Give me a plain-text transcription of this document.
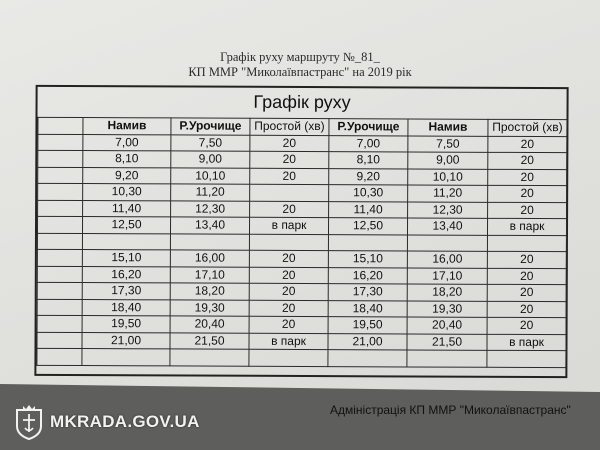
Графік руху маршруту №_81_
КП ММР "Миколаївпастранс" на 2019 рік
Графік руху
	Намив	Р.Урочище	Простой (хв)	Р.Урочище	Намив	Простой (хв)
	7,00	7,50	20	7,00	7,50	20
	8,10	9,00	20	8,10	9,00	20
	9,20	10,10	20	9,20	10,10	20
	10,30	11,20		10,30	11,20	20
	11,40	12,30	20	11,40	12,30	20
	12,50	13,40	в парк	12,50	13,40	в парк

	15,10	16,00	20	15,10	16,00	20
	16,20	17,10	20	16,20	17,10	20
	17,30	18,20	20	17,30	18,20	20
	18,40	19,30	20	18,40	19,30	20
	19,50	20,40	20	19,50	20,40	20
	21,00	21,50	в парк	21,00	21,50	в парк

MKRADA.GOV.UA
Адміністрація КП ММР "Миколаївпастранс"
